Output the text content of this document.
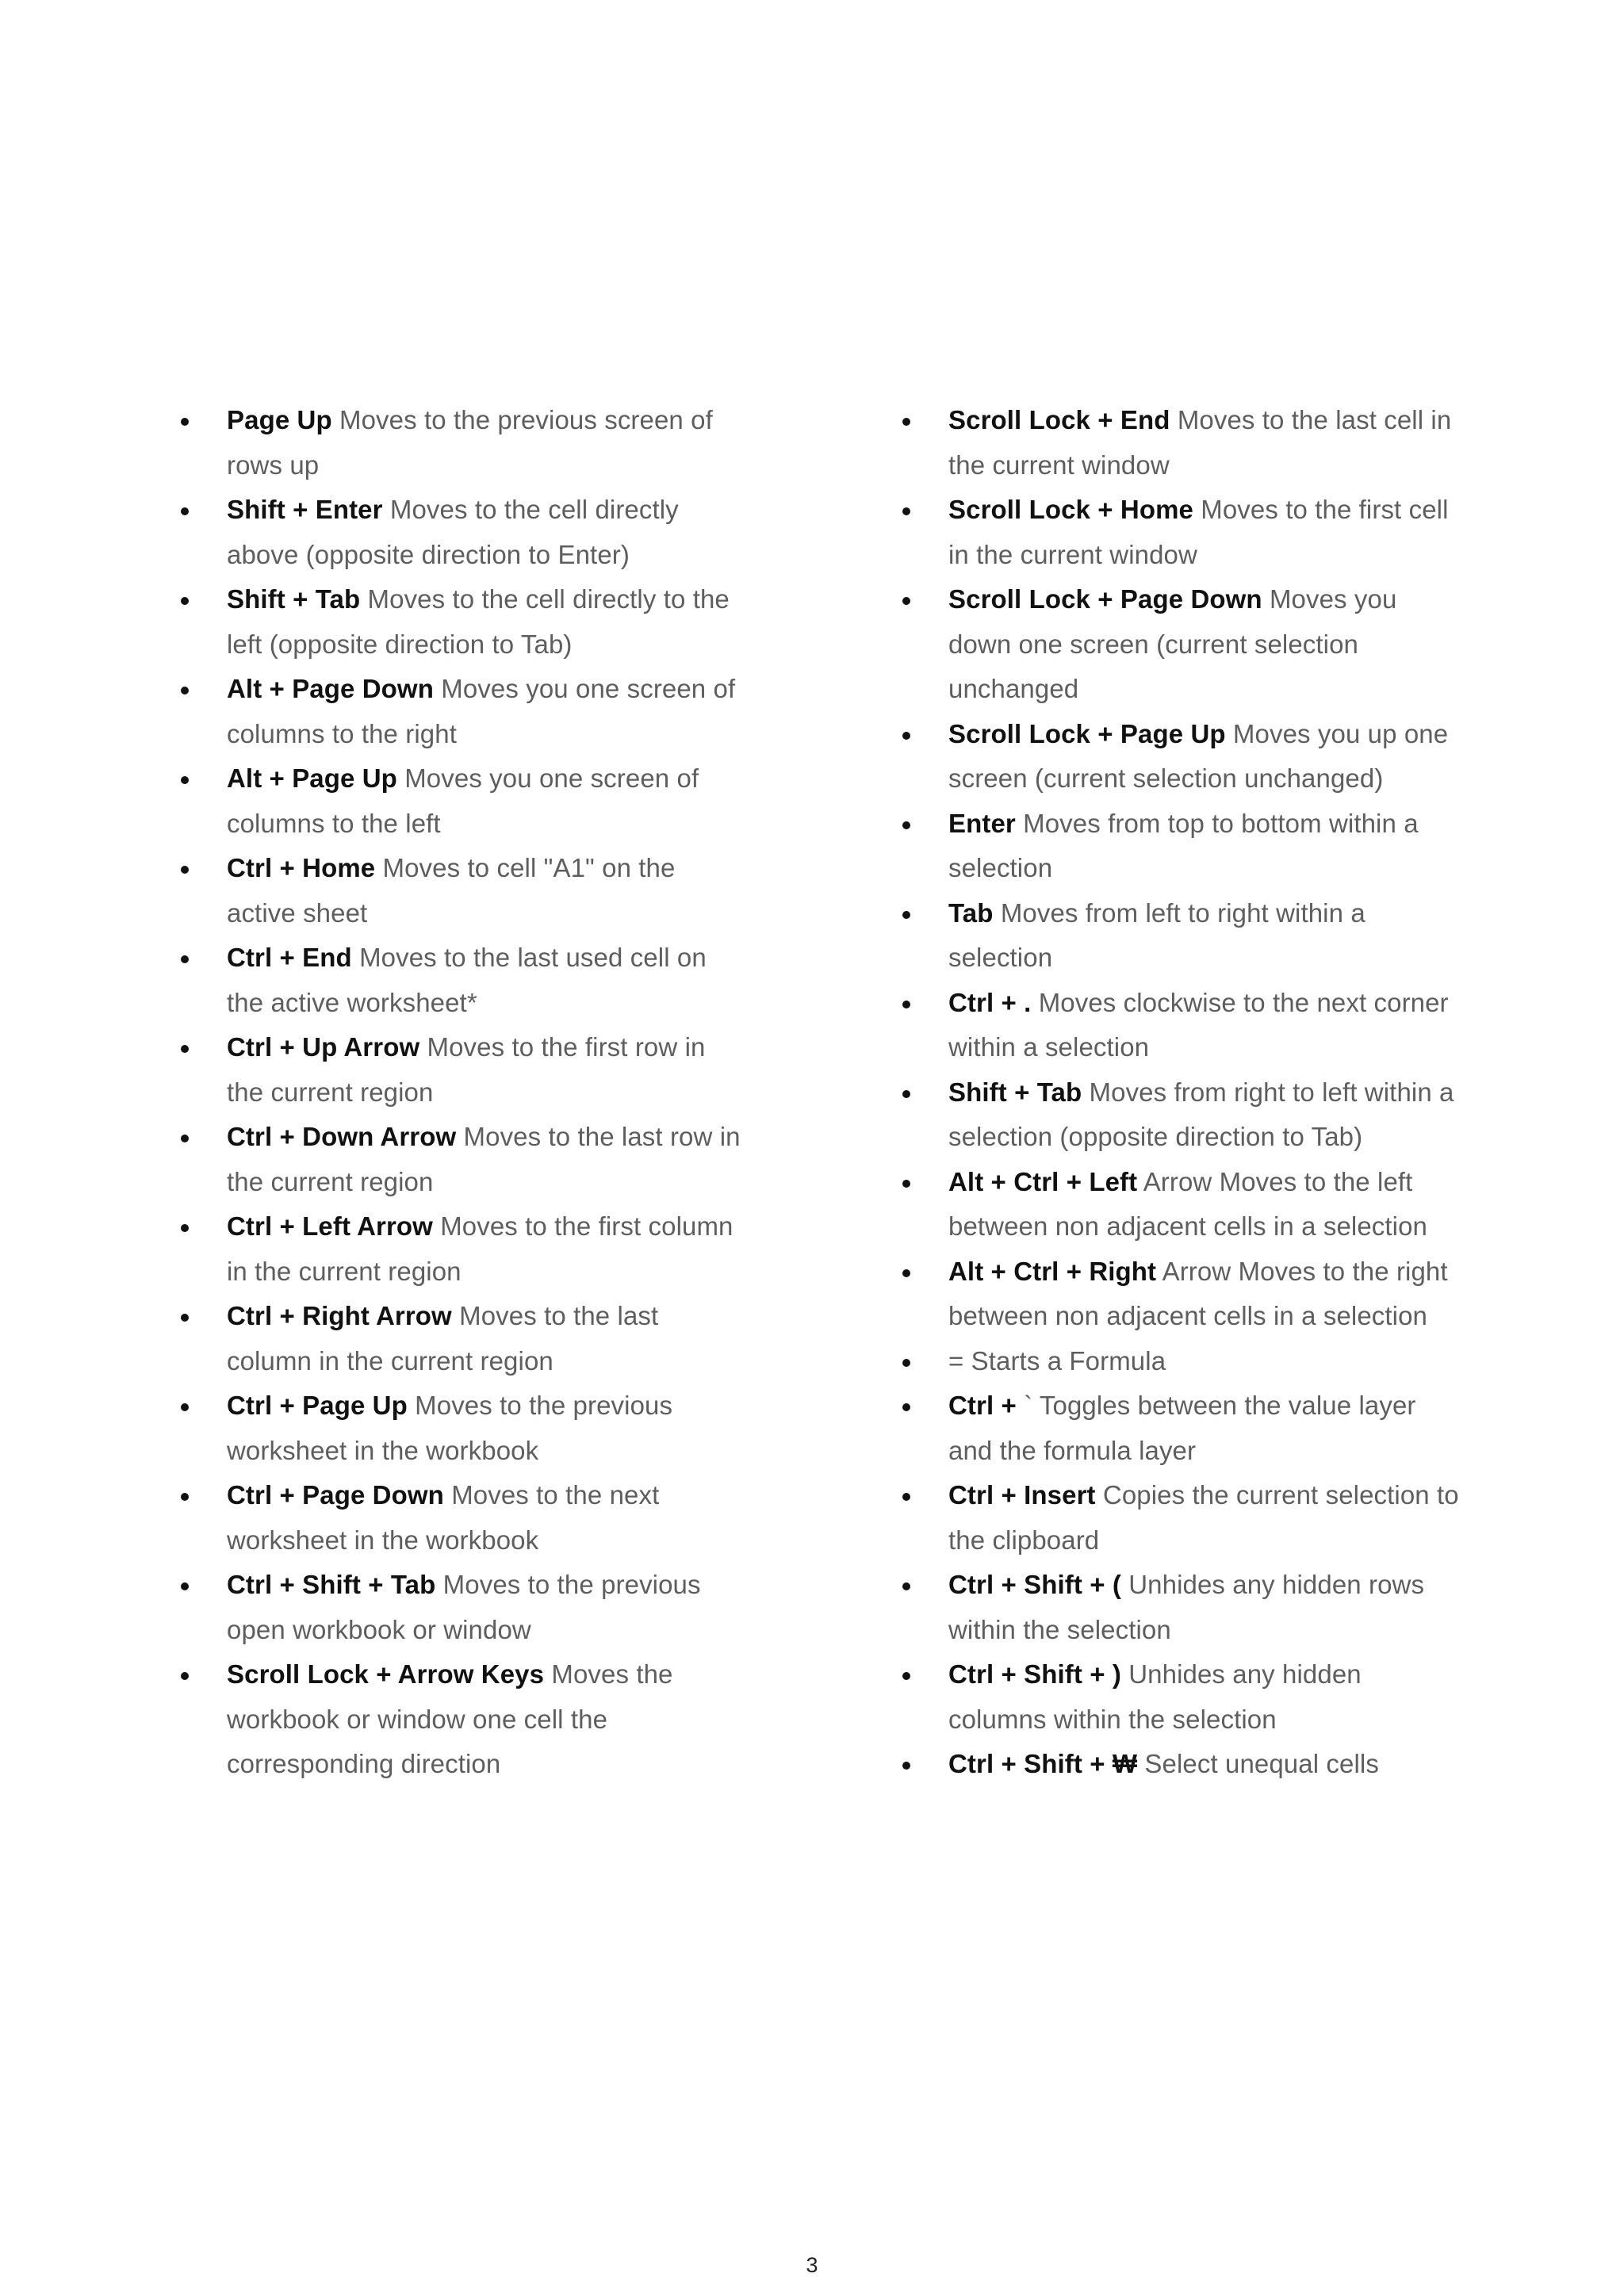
Page Up Moves to the previous screen of rows up
Shift + Enter Moves to the cell directly above (opposite direction to Enter)
Shift + Tab Moves to the cell directly to the left (opposite direction to Tab)
Alt + Page Down Moves you one screen of columns to the right
Alt + Page Up Moves you one screen of columns to the left
Ctrl + Home Moves to cell "A1" on the active sheet
Ctrl + End Moves to the last used cell on the active worksheet*
Ctrl + Up Arrow Moves to the first row in the current region
Ctrl + Down Arrow Moves to the last row in the current region
Ctrl + Left Arrow Moves to the first column in the current region
Ctrl + Right Arrow Moves to the last column in the current region
Ctrl + Page Up Moves to the previous worksheet in the workbook
Ctrl + Page Down Moves to the next worksheet in the workbook
Ctrl + Shift + Tab Moves to the previous open workbook or window
Scroll Lock + Arrow Keys Moves the workbook or window one cell the corresponding direction
Scroll Lock + End Moves to the last cell in the current window
Scroll Lock + Home Moves to the first cell in the current window
Scroll Lock + Page Down Moves you down one screen (current selection unchanged
Scroll Lock + Page Up Moves you up one screen (current selection unchanged)
Enter Moves from top to bottom within a selection
Tab Moves from left to right within a selection
Ctrl + . Moves clockwise to the next corner within a selection
Shift + Tab Moves from right to left within a selection (opposite direction to Tab)
Alt + Ctrl + Left Arrow Moves to the left between non adjacent cells in a selection
Alt + Ctrl + Right Arrow Moves to the right between non adjacent cells in a selection
= Starts a Formula
Ctrl + ` Toggles between the value layer and the formula layer
Ctrl + Insert Copies the current selection to the clipboard
Ctrl + Shift + ( Unhides any hidden rows within the selection
Ctrl + Shift + ) Unhides any hidden columns within the selection
Ctrl + Shift + ₩ Select unequal cells
3
